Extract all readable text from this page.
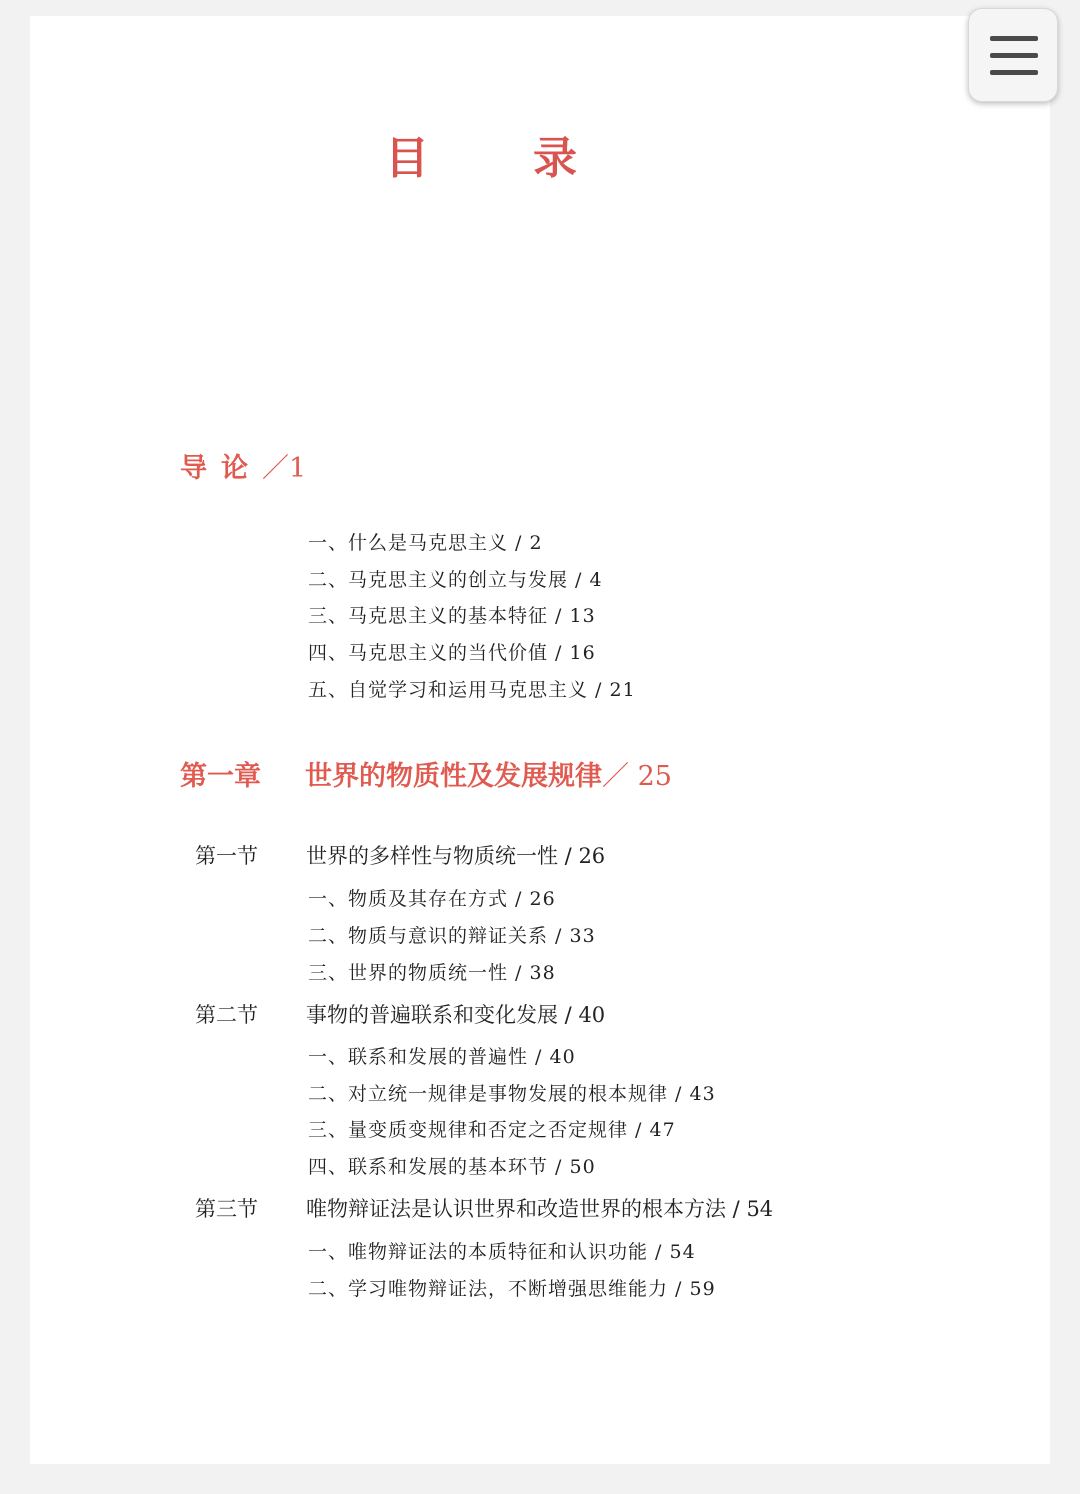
目　录
导论／1
一、什么是马克思主义 / 2
二、马克思主义的创立与发展 / 4
三、马克思主义的基本特征 / 13
四、马克思主义的当代价值 / 16
五、自觉学习和运用马克思主义 / 21
第一章 世界的物质性及发展规律／ 25
第一节 世界的多样性与物质统一性 / 26
一、物质及其存在方式 / 26
二、物质与意识的辩证关系 / 33
三、世界的物质统一性 / 38
第二节 事物的普遍联系和变化发展 / 40
一、联系和发展的普遍性 / 40
二、对立统一规律是事物发展的根本规律 / 43
三、量变质变规律和否定之否定规律 / 47
四、联系和发展的基本环节 / 50
第三节 唯物辩证法是认识世界和改造世界的根本方法 / 54
一、唯物辩证法的本质特征和认识功能 / 54
二、学习唯物辩证法，不断增强思维能力 / 59
